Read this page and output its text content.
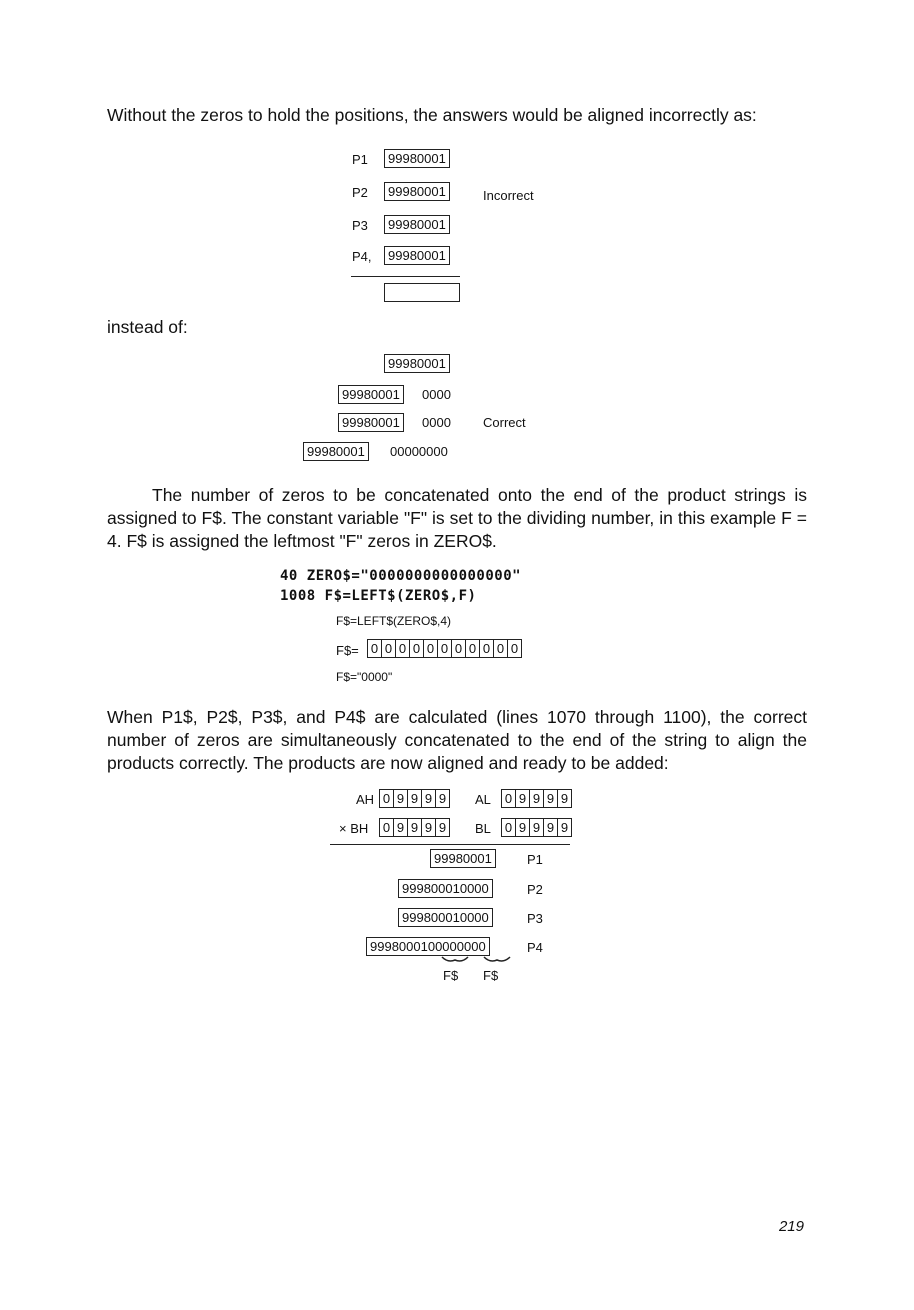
Without the zeros to hold the positions, the answers would be aligned incorrectly as:
P1	99980001
P2	99980001	Incorrect
P3	99980001
P4,	99980001
instead of:
99980001
99980001	0000
99980001	0000 Correct
99980001	00000000
The number of zeros to be concatenated onto the end of the product strings is assigned to F$. The constant variable "F" is set to the dividing number, in this example F = 4. F$ is assigned the leftmost "F" zeros in ZERO$.
40 ZERO$="0000000000000000"
1008 F$=LEFT$(ZERO$,F)
F$=LEFT$(ZERO$,4)
F$= 0 0 0 0 0 0 0 0 0 0 0
F$="0000"
When P1$, P2$, P3$, and P4$ are calculated (lines 1070 through 1100), the correct number of zeros are simultaneously concatenated to the end of the string to align the products correctly. The products are now aligned and ready to be added:
AH 0 9 9 9 9 AL 0 9 9 9 9
× BH 0 9 9 9 9 BL 0 9 9 9 9
99980001	P1
999800010000	P2
999800010000	P3
9998000100000000	P4
F$ F$
219
